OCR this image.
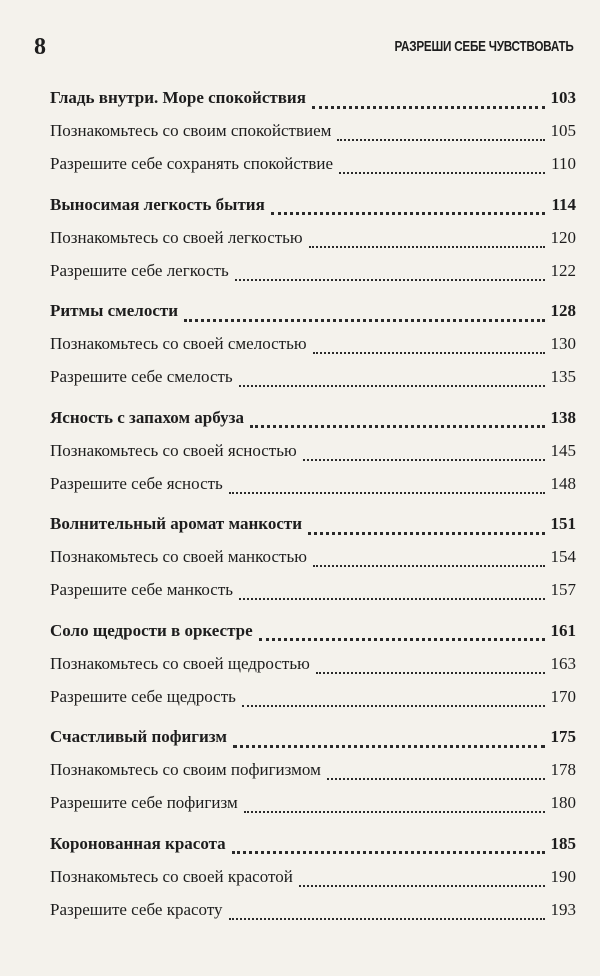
8	РАЗРЕШИ СЕБЕ ЧУВСТВОВАТЬ
Гладь внутри. Море спокойствия	103
Познакомьтесь со своим спокойствием	105
Разрешите себе сохранять спокойствие	110
Выносимая легкость бытия	114
Познакомьтесь со своей легкостью	120
Разрешите себе легкость	122
Ритмы смелости	128
Познакомьтесь со своей смелостью	130
Разрешите себе смелость	135
Ясность с запахом арбуза	138
Познакомьтесь со своей ясностью	145
Разрешите себе ясность	148
Волнительный аромат манкости	151
Познакомьтесь со своей манкостью	154
Разрешите себе манкость	157
Соло щедрости в оркестре	161
Познакомьтесь со своей щедростью	163
Разрешите себе щедрость	170
Счастливый пофигизм	175
Познакомьтесь со своим пофигизмом	178
Разрешите себе пофигизм	180
Коронованная красота	185
Познакомьтесь со своей красотой	190
Разрешите себе красоту	193
